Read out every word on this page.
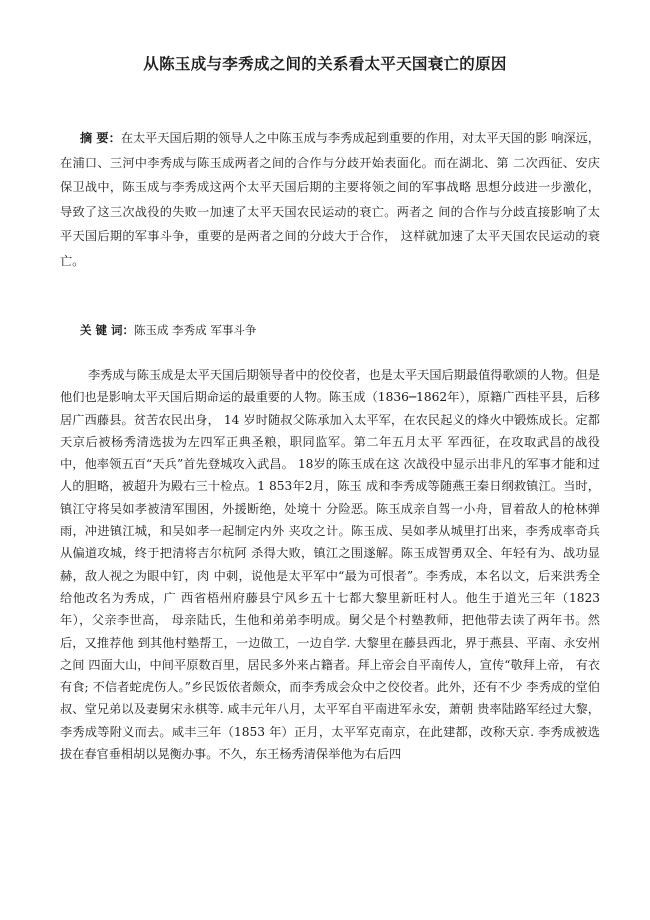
从陈玉成与李秀成之间的关系看太平天国衰亡的原因
摘 要：在太平天国后期的领导人之中陈玉成与李秀成起到重要的作用，对太平天国的影 响深远，在浦口、三河中李秀成与陈玉成两者之间的合作与分歧开始表面化。而在湖北、第 二次西征、安庆保卫战中，陈玉成与李秀成这两个太平天国后期的主要将领之间的军事战略 思想分歧进一步激化，导致了这三次战役的失败一加速了太平天国农民运动的衰亡。两者之 间的合作与分歧直接影响了太平天国后期的军事斗争，重要的是两者之间的分歧大于合作， 这样就加速了太平天国农民运动的衰亡。
关 键 词：陈玉成 李秀成 军事斗争
李秀成与陈玉成是太平天国后期领导者中的佼佼者，也是太平天国后期最值得歌颂的人物。但是他们也是影响太平天国后期命运的最重要的人物。陈玉成（1836─1862年），原籍广西桂平县，后移居广西藤县。贫苦农民出身， 14 岁时随叔父陈承加入太平军，在农民起义的烽火中锻炼成长。定都天京后被杨秀清选拔为左四军正典圣粮，职同监军。第二年五月太平 军西征，在攻取武昌的战役中，他率领五百“天兵”首先登城攻入武昌。 18岁的陈玉成在这 次战役中显示出非凡的军事才能和过人的胆略，被超升为殿右三十检点。1 853年2月，陈玉 成和李秀成等随燕王秦日纲救镇江。当时，镇江守将吴如孝被清军围困，外援断绝，处境十 分险恶。陈玉成亲自驾一小舟，冒着敌人的枪林弹雨，冲进镇江城，和吴如孝一起制定内外 夹攻之计。陈玉成、吴如孝从城里打出来，李秀成率奇兵从偏道攻城，终于把清将吉尔杭阿 杀得大败，镇江之围遂解。陈玉成智勇双全、年轻有为、战功显赫，敌人视之为眼中钉，肉 中刺，说他是太平军中“最为可恨者”。李秀成，本名以文，后来洪秀全给他改名为秀成，广 西省梧州府藤县宁风乡五十七都大黎里新旺村人。他生于道光三年（1823 年），父亲李世高， 母亲陆氏，生他和弟弟李明成。舅父是个村塾教师，把他带去读了两年书。然后，又推荐他 到其他村塾帮工，一边做工，一边自学. 大黎里在藤县西北，界于燕县、平南、永安州之间 四面大山，中间平原数百里，居民多外来占籍者。拜上帝会自平南传人，宣传“敬拜上帝， 有衣有食; 不信者蛇虎伤人。”乡民饭依者颇众，而李秀成会众中之佼佼者。此外，还有不少 李秀成的堂伯叔、堂兄弟以及妻舅宋永棋等. 咸丰元年八月，太平军自平南进军永安，萧朝 贵率陆路军经过大黎，李秀成等附义而去。咸丰三年（1853 年）正月，太平军克南京，在此建都，改称天京. 李秀成被选拔在春官垂相胡以晃衡办事。不久，东王杨秀清保举他为右后四
